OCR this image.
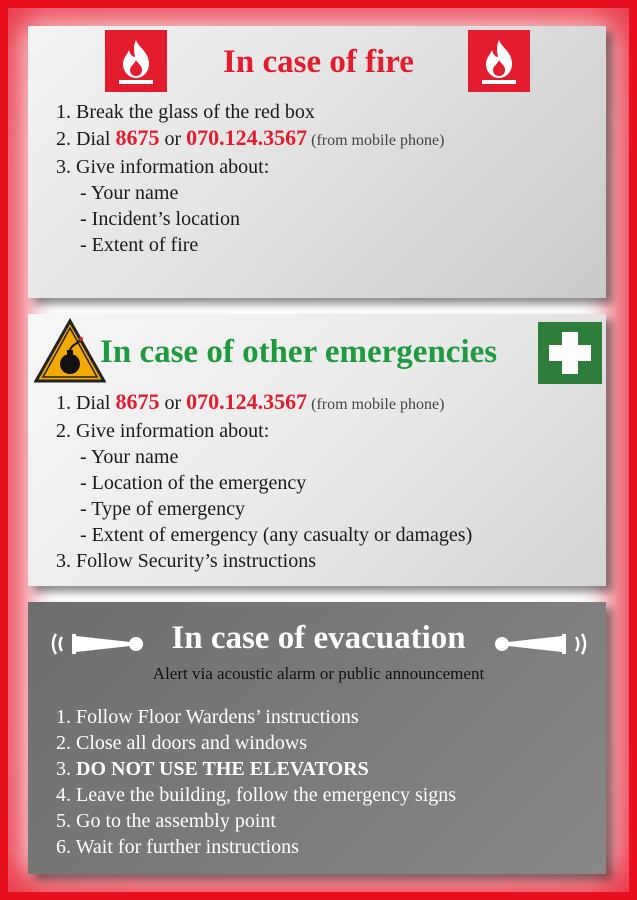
In case of fire
1. Break the glass of the red box
2. Dial 8675 or 070.124.3567 (from mobile phone)
3. Give information about:
- Your name
- Incident’s location
- Extent of fire
In case of other emergencies
1. Dial 8675 or 070.124.3567 (from mobile phone)
2. Give information about:
- Your name
- Location of the emergency
- Type of emergency
- Extent of emergency (any casualty or damages)
3. Follow Security’s instructions
In case of evacuation
Alert via acoustic alarm or public announcement
1. Follow Floor Wardens’ instructions
2. Close all doors and windows
3. DO NOT USE THE ELEVATORS
4. Leave the building, follow the emergency signs
5. Go to the assembly point
6. Wait for further instructions
